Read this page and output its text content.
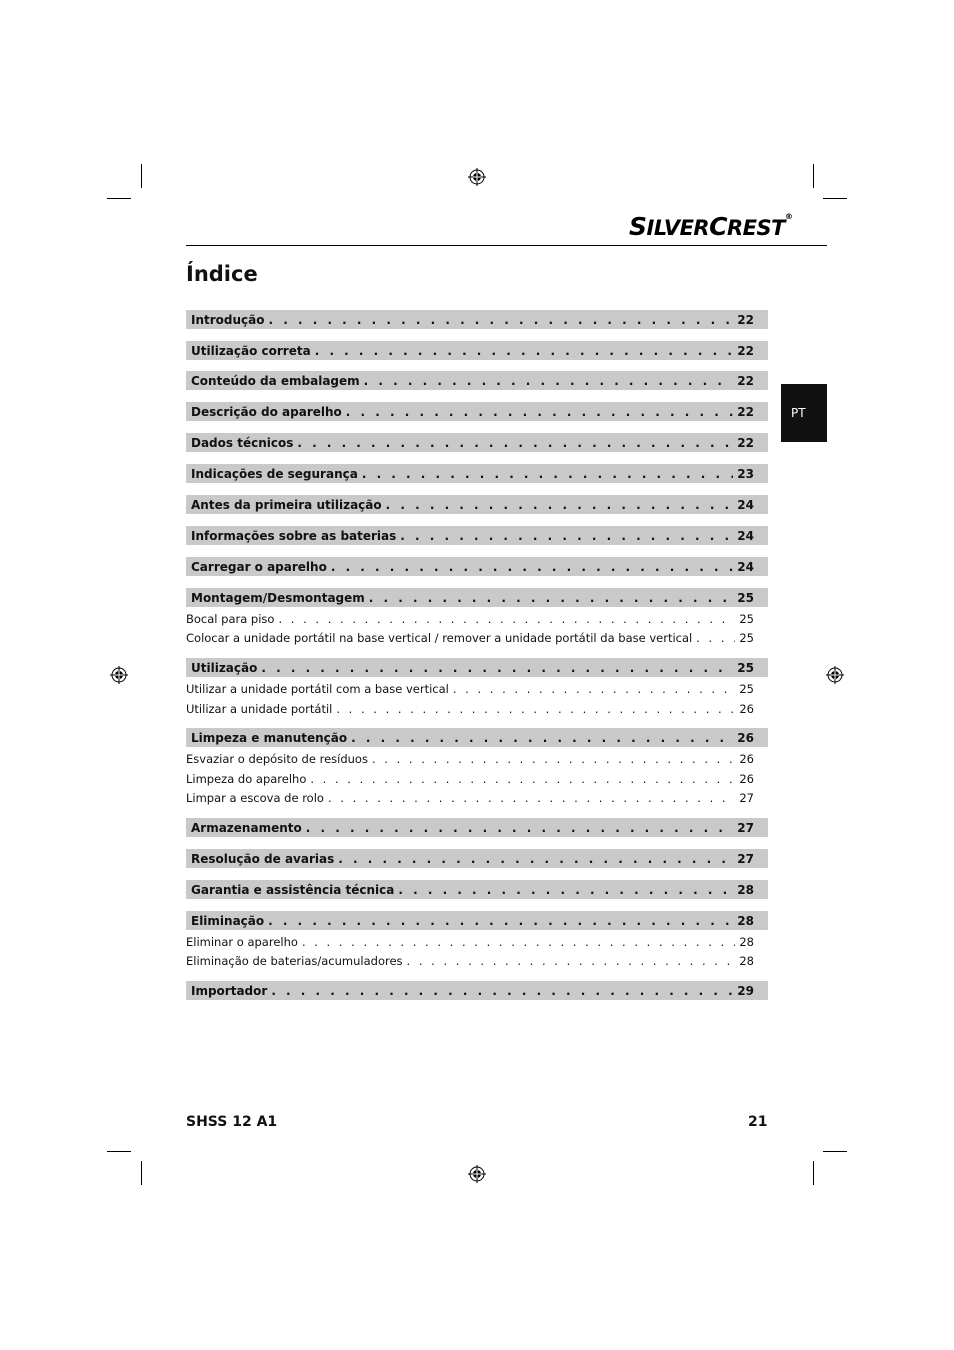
SILVERCREST®
Índice
PT
Introdução . . .	22
Utilização correta . . .	22
Conteúdo da embalagem . . .	22
Descrição do aparelho . . .	22
Dados técnicos . . .	22
Indicações de segurança . . .	23
Antes da primeira utilização . . .	24
Informações sobre as baterias . . .	24
Carregar o aparelho . . .	24
Montagem/Desmontagem . . .	25
Bocal para piso . . .	25
Colocar a unidade portátil na base vertical / remover a unidade portátil da base vertical . . .	25
Utilização . . .	25
Utilizar a unidade portátil com a base vertical . . .	25
Utilizar a unidade portátil . . .	26
Limpeza e manutenção . . .	26
Esvaziar o depósito de resíduos . . .	26
Limpeza do aparelho . . .	26
Limpar a escova de rolo . . .	27
Armazenamento . . .	27
Resolução de avarias . . .	27
Garantia e assistência técnica . . .	28
Eliminação . . .	28
Eliminar o aparelho . . .	28
Eliminação de baterias/acumuladores . . .	28
Importador . . .	29
SHSS 12 A1	21
